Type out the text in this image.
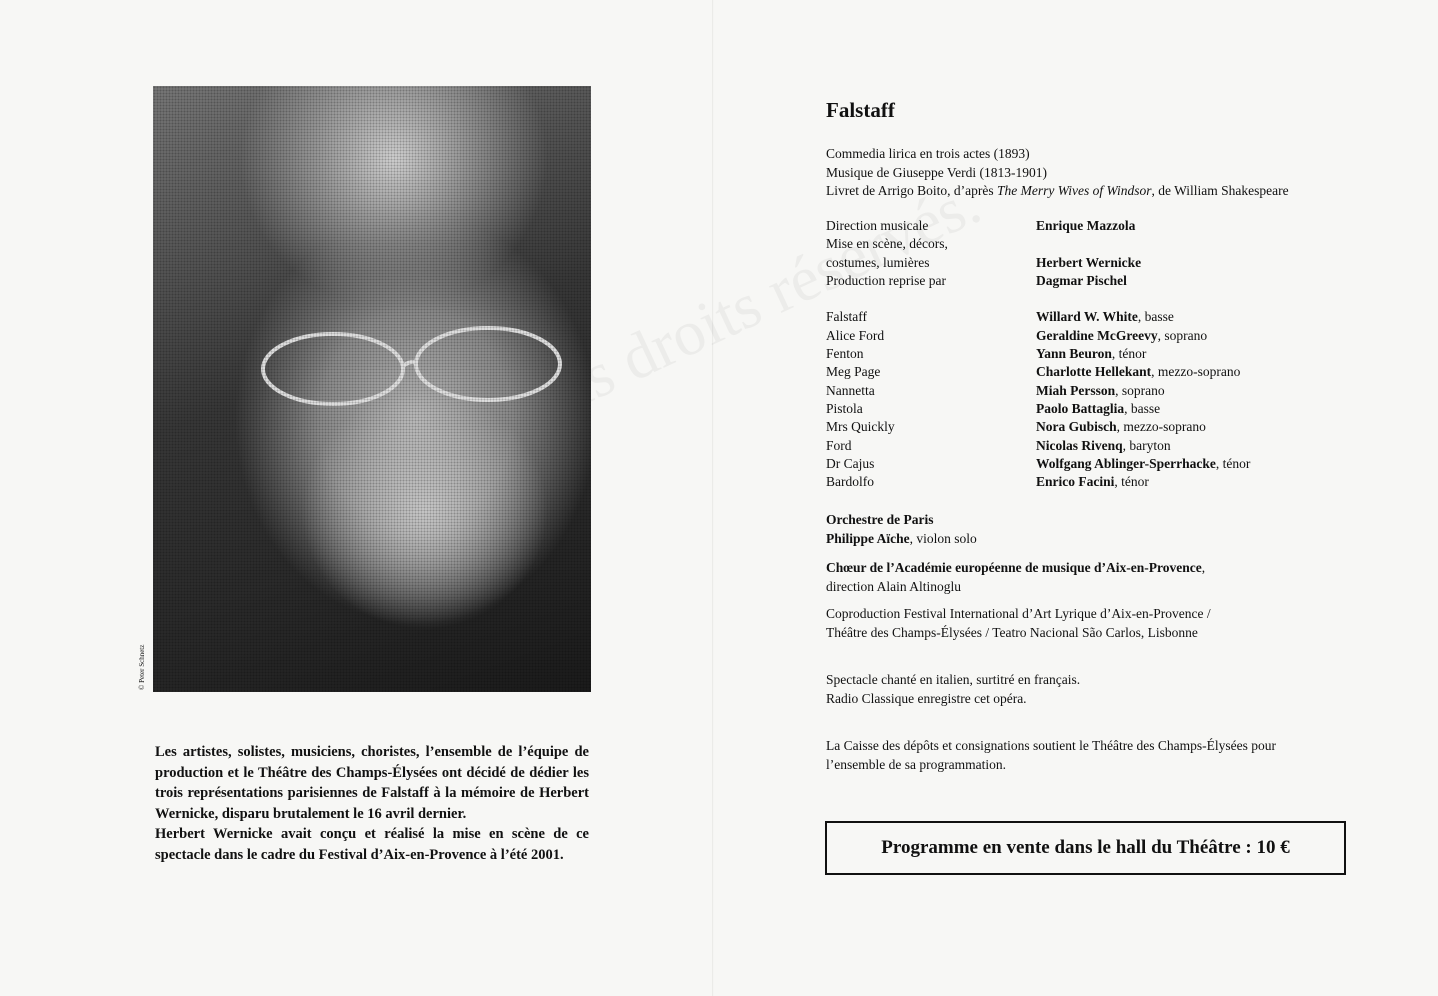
© Peter Schnetz

Les artistes, solistes, musiciens, choristes, l’ensemble de l’équipe de production et le Théâtre des Champs-Élysées ont décidé de dédier les trois représentations parisiennes de Falstaff à la mémoire de Herbert Wernicke, disparu brutalement le 16 avril dernier.

Herbert Wernicke avait conçu et réalisé la mise en scène de ce spectacle dans le cadre du Festival d’Aix-en-Provence à l’été 2001.

Falstaff

Commedia lirica en trois actes (1893)

Musique de Giuseppe Verdi (1813-1901)

Livret de Arrigo Boito, d’après The Merry Wives of Windsor, de William Shakespeare

Direction musicale	Enrique Mazzola
Mise en scène, décors,
costumes, lumières	Herbert Wernicke
Production reprise par	Dagmar Pischel

Falstaff	Willard W. White, basse
Alice Ford	Geraldine McGreevy, soprano
Fenton	Yann Beuron, ténor
Meg Page	Charlotte Hellekant, mezzo-soprano
Nannetta	Miah Persson, soprano
Pistola	Paolo Battaglia, basse
Mrs Quickly	Nora Gubisch, mezzo-soprano
Ford	Nicolas Rivenq, baryton
Dr Cajus	Wolfgang Ablinger-Sperrhacke, ténor
Bardolfo	Enrico Facini, ténor

Orchestre de Paris

Philippe Aïche, violon solo

Chœur de l’Académie européenne de musique d’Aix-en-Provence,

direction Alain Altinoglu

Coproduction Festival International d’Art Lyrique d’Aix-en-Provence /

Théâtre des Champs-Élysées / Teatro Nacional São Carlos, Lisbonne

Spectacle chanté en italien, surtitré en français.

Radio Classique enregistre cet opéra.

La Caisse des dépôts et consignations soutient le Théâtre des Champs-Élysées pour l’ensemble de sa programmation.
Programme en vente dans le hall du Théâtre : 10 €
